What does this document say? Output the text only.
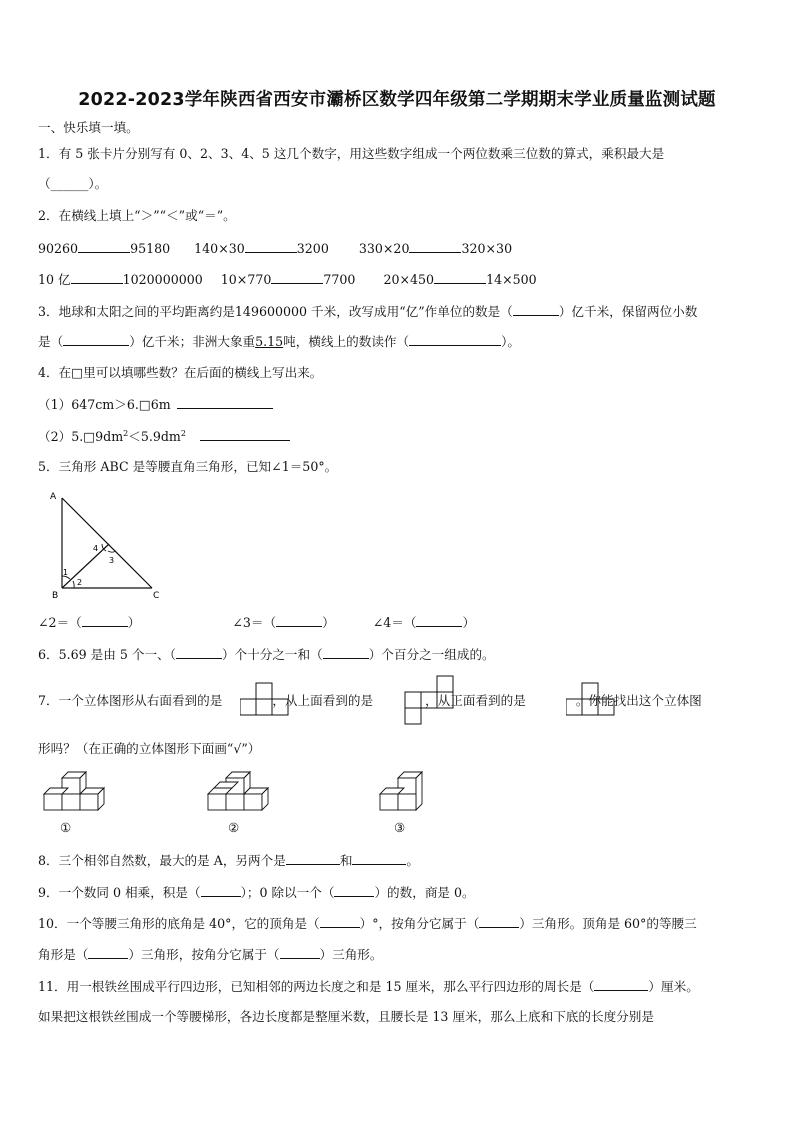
2022-2023学年陕西省西安市灞桥区数学四年级第二学期期末学业质量监测试题
一、快乐填一填。
1．有 5 张卡片分别写有 0、2、3、4、5 这几个数字，用这些数字组成一个两位数乘三位数的算式，乘积最大是
（______）。
2．在横线上填上“＞”“＜”或“＝”。
90260	95180 140×30	3200 330×20	320×30
10 亿	1020000000 10×770	7700 20×450	14×500
3．地球和太阳之间的平均距离约是149600000 千米，改写成用“亿”作单位的数是（	）亿千米，保留两位小数
是（	）亿千米；非洲大象重5.15吨，横线上的数读作（	）。
4．在□里可以填哪些数？在后面的横线上写出来。
（1）647cm＞6.□6m
$(2)5.□9dm^2<5.9dm^2$
5．三角形 ABC 是等腰直角三角形，已知∠1＝50°。
A
B	C
1
2
3
4
∠2＝（	）	∠3＝（	）	∠4＝（	）
6．5.69 是由 5 个一、（	）个十分之一和（	）个百分之一组成的。
7．一个立体图形从右面看到的是	，从上面看到的是	，从正面看到的是	。你能找出这个立体图
形吗？（在正确的立体图形下面画“√”）
①	②	③
8．三个相邻自然数，最大的是 A，另两个是	和	。
9．一个数同 0 相乘，积是（	）；0 除以一个（	）的数，商是 0。
10．一个等腰三角形的底角是 40°，它的顶角是（	）°，按角分它属于（	）三角形。顶角是 60°的等腰三
角形是（	）三角形，按角分它属于（	）三角形。
11．用一根铁丝围成平行四边形，已知相邻的两边长度之和是 15 厘米，那么平行四边形的周长是（	）厘米。
如果把这根铁丝围成一个等腰梯形，各边长度都是整厘米数，且腰长是 13 厘米，那么上底和下底的长度分别是
